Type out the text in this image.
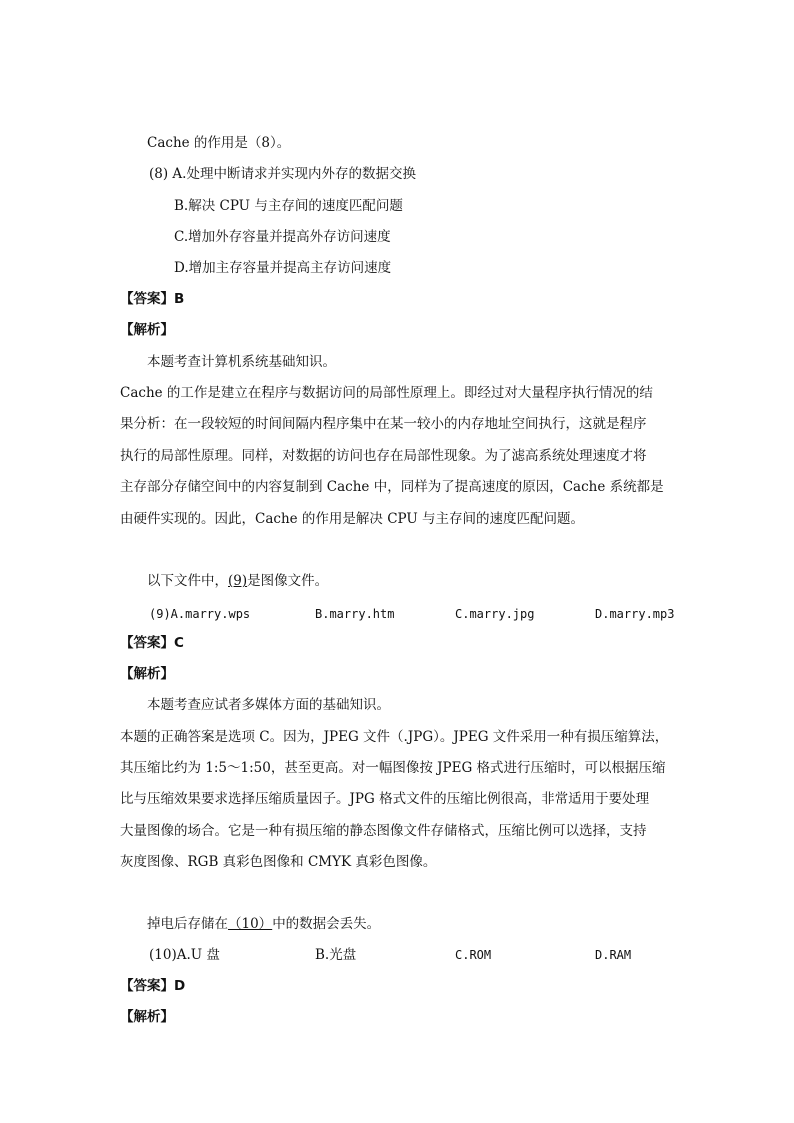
Cache 的作用是（8）。
(8) A.处理中断请求并实现内外存的数据交换
B.解决 CPU 与主存间的速度匹配问题
C.增加外存容量并提高外存访问速度
D.增加主存容量并提高主存访问速度
【答案】B
【解析】
本题考查计算机系统基础知识。
Cache 的工作是建立在程序与数据访问的局部性原理上。即经过对大量程序执行情况的结
果分析：在一段较短的时间间隔内程序集中在某一较小的内存地址空间执行，这就是程序
执行的局部性原理。同样，对数据的访问也存在局部性现象。为了滤高系统处理速度才将
主存部分存储空间中的内容复制到 Cache 中，同样为了提高速度的原因，Cache 系统都是
由硬件实现的。因此，Cache 的作用是解决 CPU 与主存间的速度匹配问题。
以下文件中，(9)是图像文件。
(9)A.marry.wps	B.marry.htm	C.marry.jpg	D.marry.mp3
【答案】C
【解析】
本题考查应试者多媒体方面的基础知识。
本题的正确答案是选项 C。因为，JPEG 文件（.JPG）。JPEG 文件采用一种有损压缩算法，
其压缩比约为 1:5～1:50，甚至更高。对一幅图像按 JPEG 格式进行压缩时，可以根据压缩
比与压缩效果要求选择压缩质量因子。JPG 格式文件的压缩比例很高，非常适用于要处理
大量图像的场合。它是一种有损压缩的静态图像文件存储格式，压缩比例可以选择，支持
灰度图像、RGB 真彩色图像和 CMYK 真彩色图像。
掉电后存储在（10）中的数据会丢失。
(10)A.U 盘	B.光盘	C.ROM	D.RAM
【答案】D
【解析】
